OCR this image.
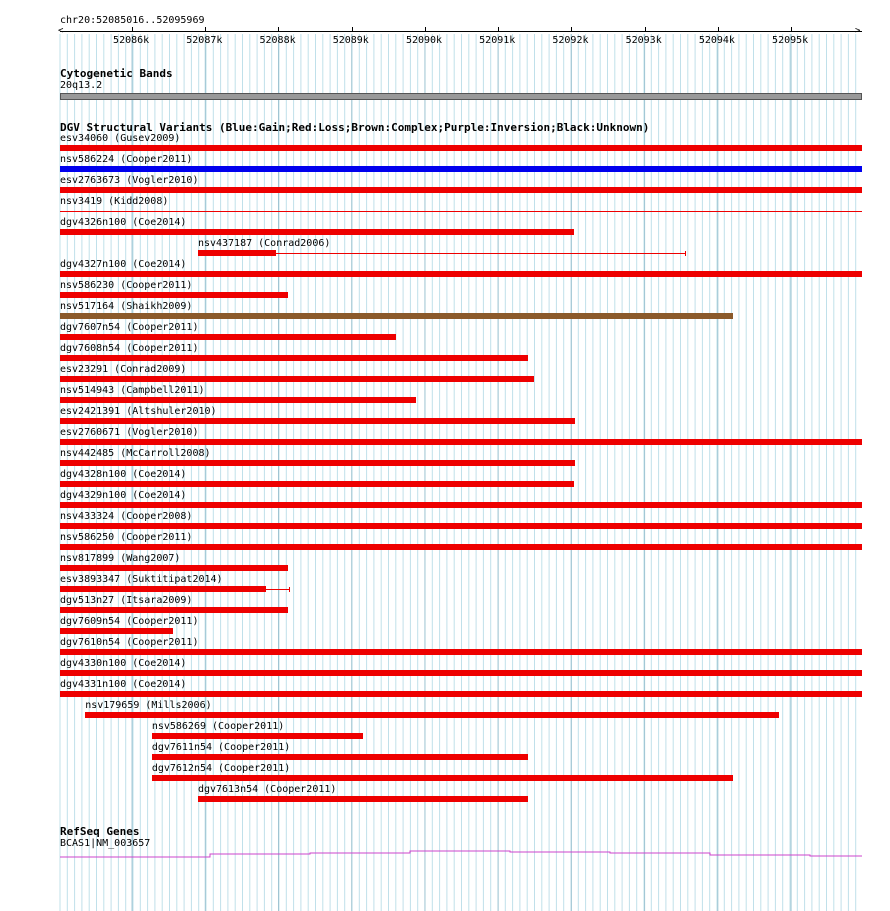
chr20:52085016..52095969
<	>
52086k	52087k	52088k	52089k	52090k	52091k	52092k	52093k	52094k	52095k
Cytogenetic Bands
20q13.2
DGV Structural Variants (Blue:Gain;Red:Loss;Brown:Complex;Purple:Inversion;Black:Unknown)
esv34060 (Gusev2009)
nsv586224 (Cooper2011)
esv2763673 (Vogler2010)
nsv3419 (Kidd2008)
dgv4326n100 (Coe2014)
nsv437187 (Conrad2006)
dgv4327n100 (Coe2014)
nsv586230 (Cooper2011)
nsv517164 (Shaikh2009)
dgv7607n54 (Cooper2011)
dgv7608n54 (Cooper2011)
esv23291 (Conrad2009)
nsv514943 (Campbell2011)
esv2421391 (Altshuler2010)
esv2760671 (Vogler2010)
nsv442485 (McCarroll2008)
dgv4328n100 (Coe2014)
dgv4329n100 (Coe2014)
nsv433324 (Cooper2008)
nsv586250 (Cooper2011)
nsv817899 (Wang2007)
esv3893347 (Suktitipat2014)
dgv513n27 (Itsara2009)
dgv7609n54 (Cooper2011)
dgv7610n54 (Cooper2011)
dgv4330n100 (Coe2014)
dgv4331n100 (Coe2014)
nsv179659 (Mills2006)
nsv586269 (Cooper2011)
dgv7611n54 (Cooper2011)
dgv7612n54 (Cooper2011)
dgv7613n54 (Cooper2011)
RefSeq Genes
BCAS1|NM_003657
